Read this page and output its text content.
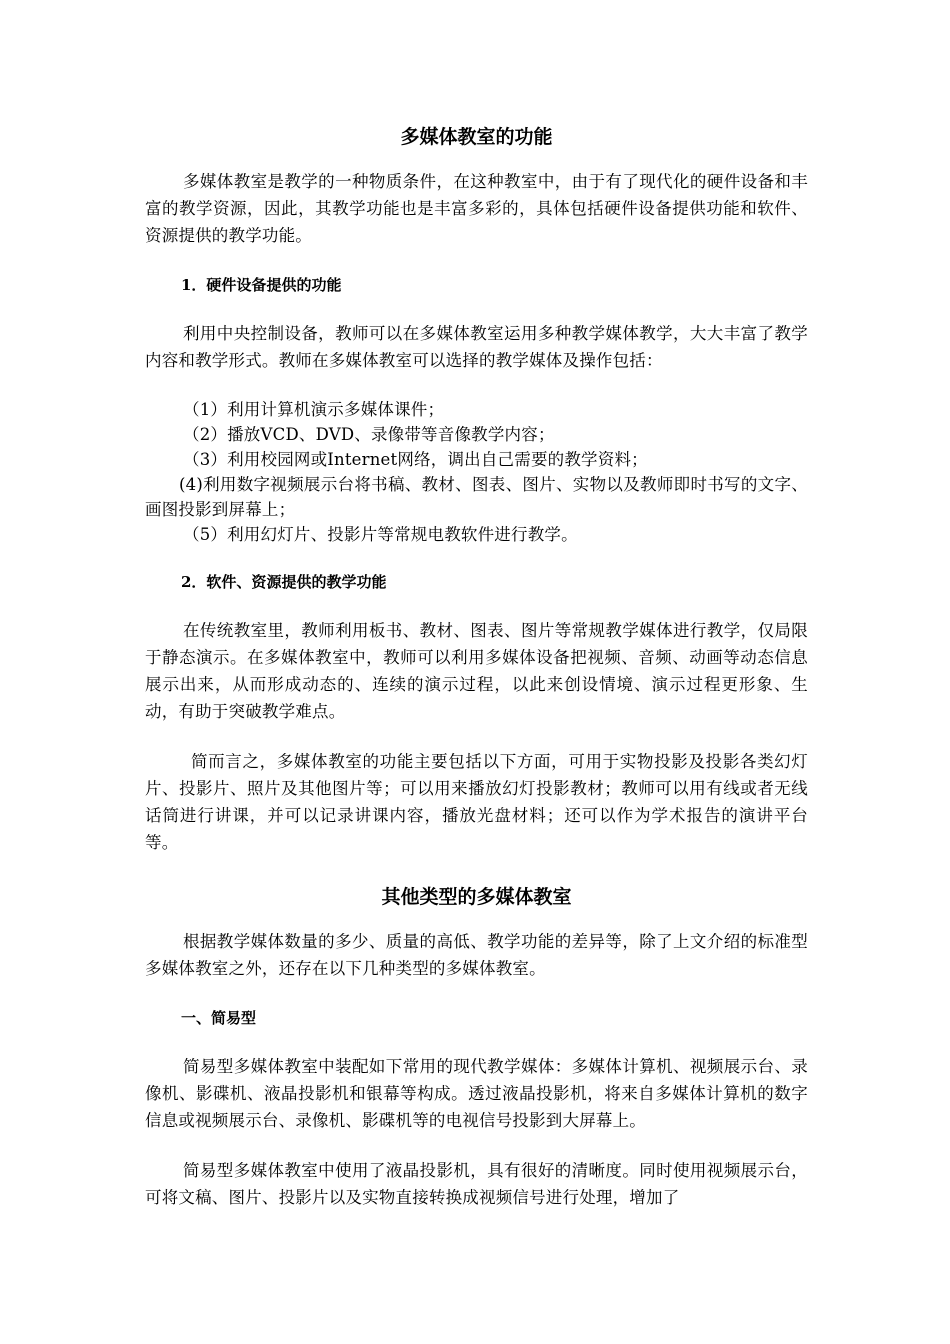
多媒体教室的功能

多媒体教室是教学的一种物质条件，在这种教室中，由于有了现代化的硬件设备和丰富的教学资源，因此，其教学功能也是丰富多彩的，具体包括硬件设备提供功能和软件、资源提供的教学功能。

1．硬件设备提供的功能

利用中央控制设备，教师可以在多媒体教室运用多种教学媒体教学，大大丰富了教学内容和教学形式。教师在多媒体教室可以选择的教学媒体及操作包括：

（1）利用计算机演示多媒体课件；
（2）播放VCD、DVD、录像带等音像教学内容；
（3）利用校园网或Internet网络，调出自己需要的教学资料；
(4)利用数字视频展示台将书稿、教材、图表、图片、实物以及教师即时书写的文字、画图投影到屏幕上；
（5）利用幻灯片、投影片等常规电教软件进行教学。
2．软件、资源提供的教学功能

在传统教室里，教师利用板书、教材、图表、图片等常规教学媒体进行教学，仅局限于静态演示。在多媒体教室中，教师可以利用多媒体设备把视频、音频、动画等动态信息展示出来，从而形成动态的、连续的演示过程，以此来创设情境、演示过程更形象、生动，有助于突破教学难点。

简而言之，多媒体教室的功能主要包括以下方面，可用于实物投影及投影各类幻灯片、投影片、照片及其他图片等；可以用来播放幻灯投影教材；教师可以用有线或者无线话筒进行讲课，并可以记录讲课内容，播放光盘材料；还可以作为学术报告的演讲平台等。

其他类型的多媒体教室

根据教学媒体数量的多少、质量的高低、教学功能的差异等，除了上文介绍的标准型多媒体教室之外，还存在以下几种类型的多媒体教室。

一、简易型

简易型多媒体教室中装配如下常用的现代教学媒体：多媒体计算机、视频展示台、录像机、影碟机、液晶投影机和银幕等构成。透过液晶投影机，将来自多媒体计算机的数字信息或视频展示台、录像机、影碟机等的电视信号投影到大屏幕上。

简易型多媒体教室中使用了液晶投影机，具有很好的清晰度。同时使用视频展示台，可将文稿、图片、投影片以及实物直接转换成视频信号进行处理，增加了
